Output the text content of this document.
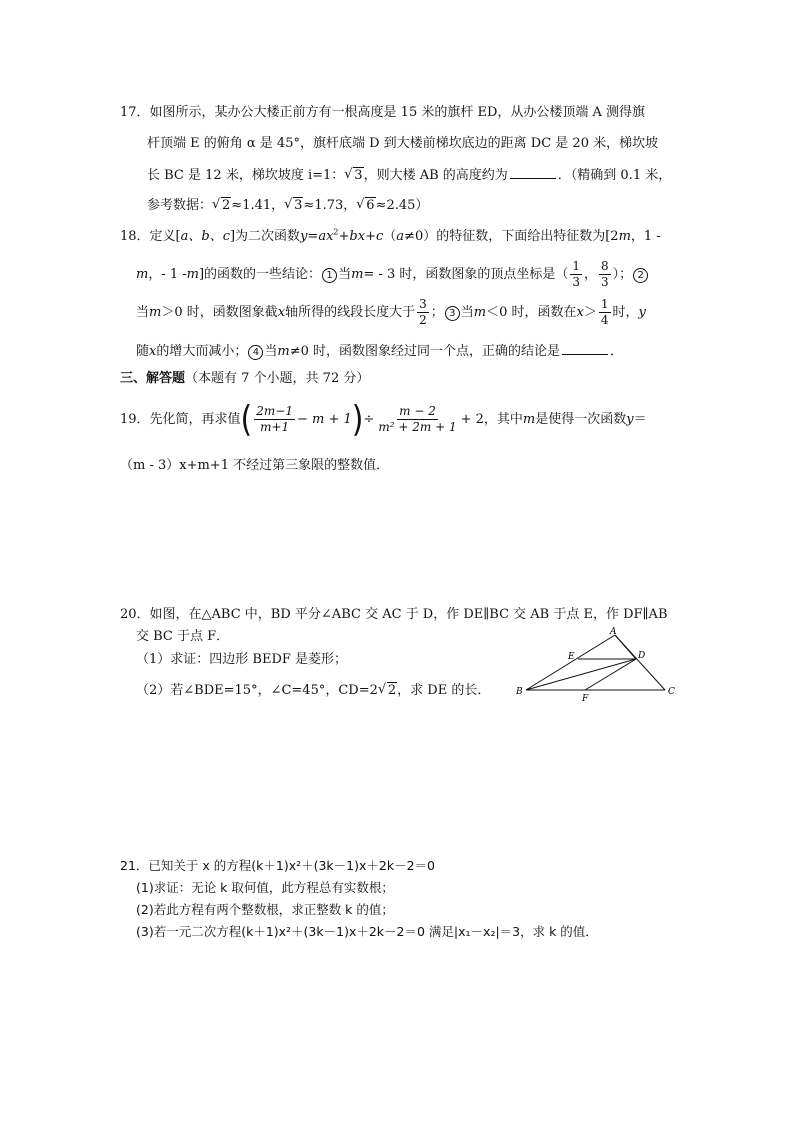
17．如图所示，某办公大楼正前方有一根高度是 15 米的旗杆 ED，从办公楼顶端 A 测得旗
杆顶端 E 的俯角 α 是 45°，旗杆底端 D 到大楼前梯坎底边的距离 DC 是 20 米，梯坎坡
长 BC 是 12 米，梯坎坡度 i=1： √ 3，则大楼 AB 的高度约为	．（精确到 0.1 米，
参考数据： √ 2≈1.41， √ 3≈1.73， √ 6≈2.45）
18．定义[a、b、c]为二次函数$y=ax^2+bx+c(a\ne 0)$的特征数，下面给出特征数为[2m，1 -
m，- 1 -m]的函数的一些结论： 1 当m= - 3 时，函数图象的顶点坐标是（ $\frac{1}{3}$ ， $\frac{8}{3}$ ）； 2
当m＞0 时，函数图象截x轴所得的线段长度大于 $\frac{3}{2}$ ； 3 当m＜0 时，函数在$x> \frac{1}{4}$ 时，y
随x的增大而减小； 4 当m≠0 时，函数图象经过同一个点，正确的结论是	．
三、解答题（本题有 7 个小题，共 72 分）
19．先化简，再求值( $\frac{2m-1}{m+1} - m + 1)\div \frac{m - 2}{\text{m² + 2m + 1}} + 2$，其中m是使得一次函数y＝
（m - 3）x+m+1 不经过第三象限的整数值．
20．如图，在△ABC 中，BD 平分∠ABC 交 AC 于 D，作 DE∥BC 交 AB 于点 E，作 DF∥AB
交 BC 于点 F．
（1）求证：四边形 BEDF 是菱形；
（2）若∠BDE=15°，∠C=45°，CD=2 √ 2，求 DE 的长．
A
E	D
B
F
C
21．已知关于 x 的方程(k＋1)x²＋(3k－1)x＋2k－2＝0
(1)求证：无论 k 取何值，此方程总有实数根；
(2)若此方程有两个整数根，求正整数 k 的值；
(3)若一元二次方程(k＋1)x²＋(3k－1)x＋2k－2＝0 满足|x₁－x₂|＝3，求 k 的值．
